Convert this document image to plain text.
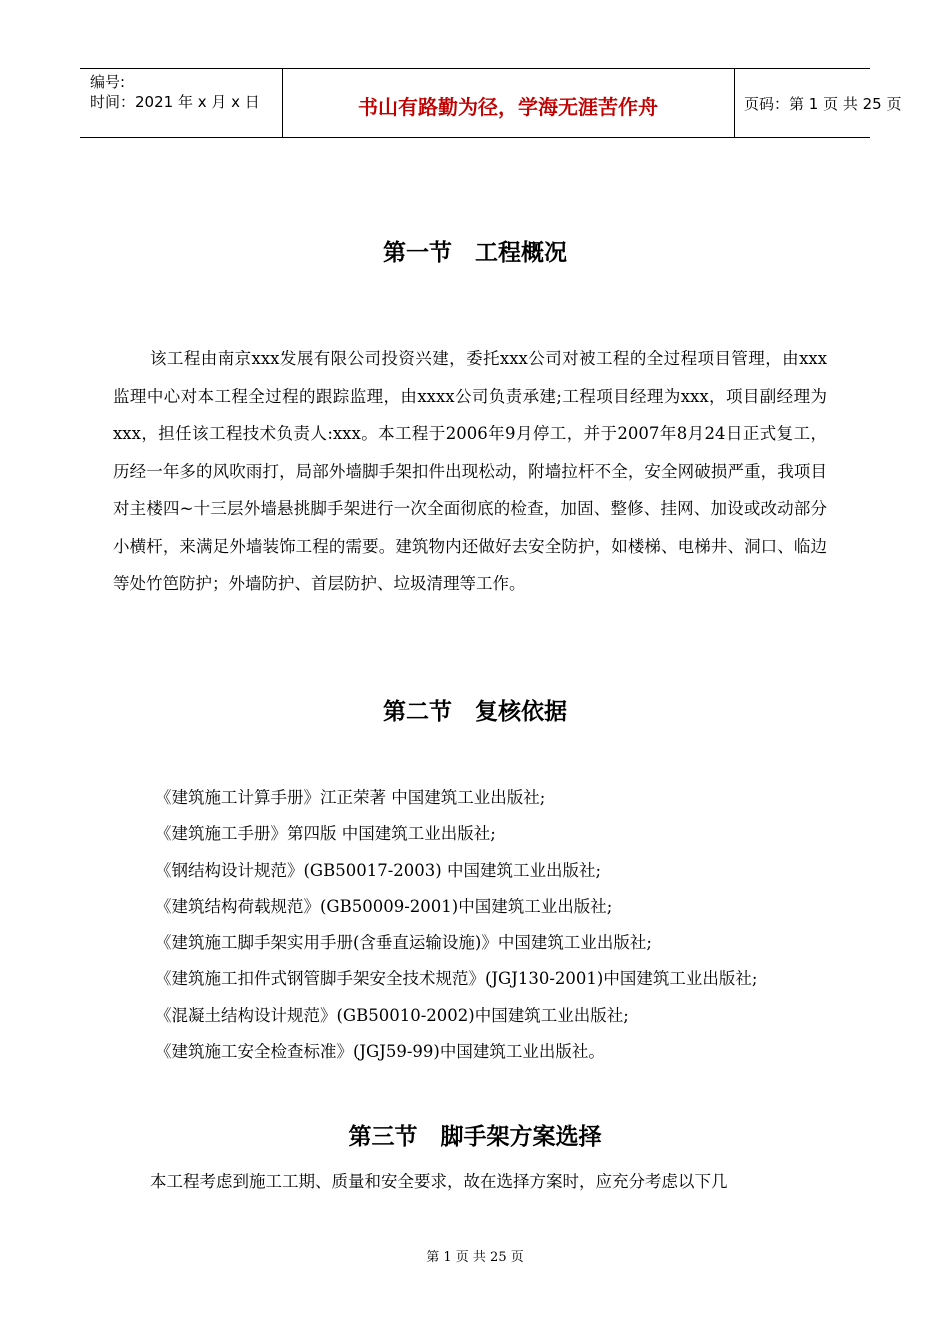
编号:
时间：2021 年 x 月 x 日	书山有路勤为径，学海无涯苦作舟	页码：第 1 页 共 25 页
第一节　工程概况

该工程由南京xxx发展有限公司投资兴建，委托xxx公司对被工程的全过程项目管理，由xxx监理中心对本工程全过程的跟踪监理，由xxxx公司负责承建;工程项目经理为xxx，项目副经理为xxx，担任该工程技术负责人:xxx。本工程于2006年9月停工，并于2007年8月24日正式复工，历经一年多的风吹雨打，局部外墙脚手架扣件出现松动，附墙拉杆不全，安全网破损严重，我项目对主楼四~十三层外墙悬挑脚手架进行一次全面彻底的检查，加固、整修、挂网、加设或改动部分小横杆，来满足外墙装饰工程的需要。建筑物内还做好去安全防护，如楼梯、电梯井、洞口、临边等处竹笆防护；外墙防护、首层防护、垃圾清理等工作。

第二节　复核依据
《建筑施工计算手册》江正荣著 中国建筑工业出版社;
《建筑施工手册》第四版 中国建筑工业出版社;
《钢结构设计规范》(GB50017-2003) 中国建筑工业出版社;
《建筑结构荷载规范》(GB50009-2001)中国建筑工业出版社;
《建筑施工脚手架实用手册(含垂直运输设施)》中国建筑工业出版社;
《建筑施工扣件式钢管脚手架安全技术规范》(JGJ130-2001)中国建筑工业出版社;
《混凝土结构设计规范》(GB50010-2002)中国建筑工业出版社;
《建筑施工安全检查标准》(JGJ59-99)中国建筑工业出版社。
第三节　脚手架方案选择
本工程考虑到施工工期、质量和安全要求，故在选择方案时，应充分考虑以下几
第 1 页 共 25 页
